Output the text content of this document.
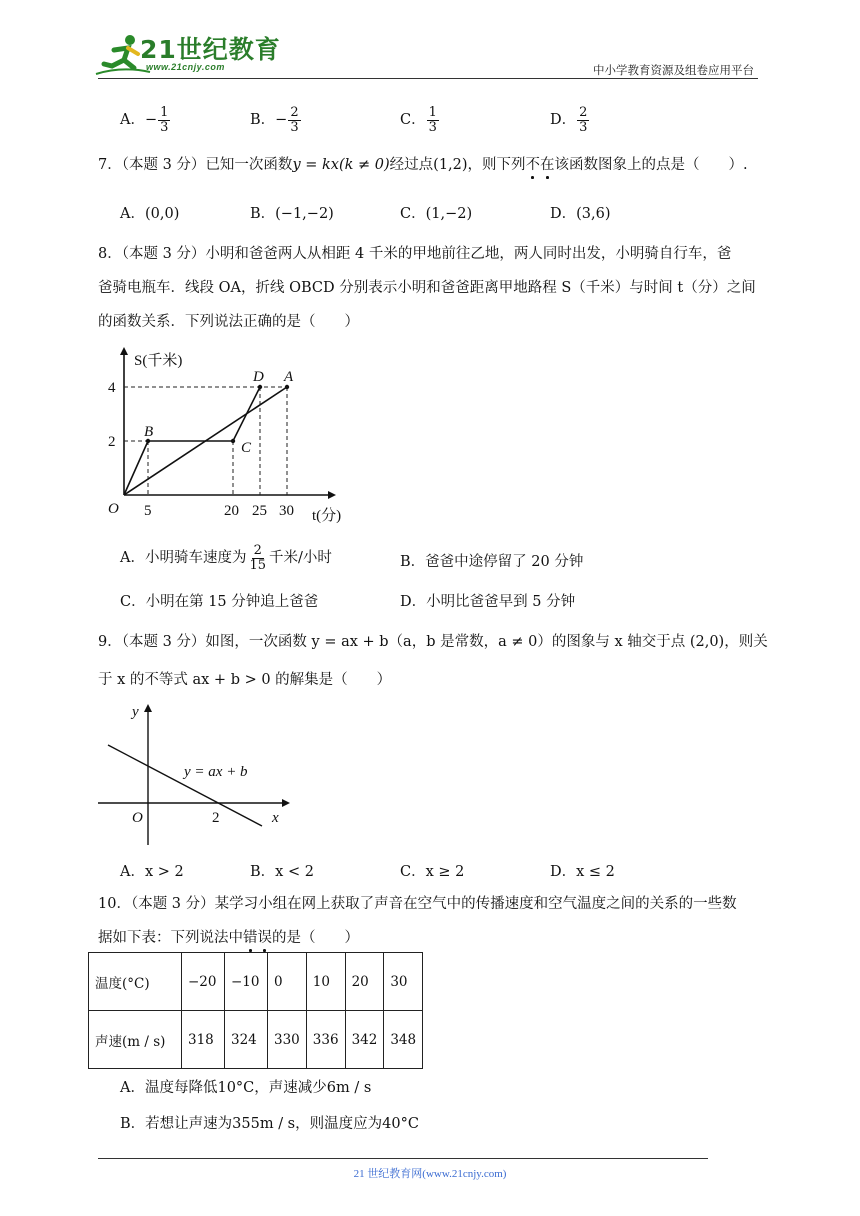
21世纪教育
www.21cnjy.com	中小学教育资源及组卷应用平台
A．− $\frac{1}{3}$	B．− $\frac{2}{3}$	C． $\frac{1}{3}$	D． $\frac{2}{3}$
7．（本题 3 分）已知一次函数y = kx(k ≠ 0)经过点(1,2)，则下列不在该函数图象上的点是（　　）.
A．(0,0)	B．(−1,−2)	C．(1,−2)	D．(3,6)
8．（本题 3 分）小明和爸爸两人从相距 4 千米的甲地前往乙地，两人同时出发，小明骑自行车，爸
爸骑电瓶车．线段 OA，折线 OBCD 分别表示小明和爸爸距离甲地路程 S（千米）与时间 t（分）之间
的函数关系．下列说法正确的是（　　）
S(千米)
4
2
O 5	20 25 30 t(分)
B
C
D A
A．小明骑车速度为 $\frac{2}{15}$ 千米/小时	B．爸爸中途停留了 20 分钟
C．小明在第 15 分钟追上爸爸	D．小明比爸爸早到 5 分钟
9．（本题 3 分）如图，一次函数 y = ax + b（a，b 是常数，a ≠ 0）的图象与 x 轴交于点 (2,0)，则关
于 x 的不等式 ax + b > 0 的解集是（　　）
y
x
O	2
y = ax + b
A．x > 2	B．x < 2	C．x ≥ 2	D．x ≤ 2
10．（本题 3 分）某学习小组在网上获取了声音在空气中的传播速度和空气温度之间的关系的一些数
据如下表：下列说法中错误的是（　　）
温度(°C)	−20	−10	0	10	20	30
声速(m / s)	318	324	330	336	342	348
A．温度每降低10°C，声速减少6m / s
B．若想让声速为355m / s，则温度应为40°C
21 世纪教育网(www.21cnjy.com)
